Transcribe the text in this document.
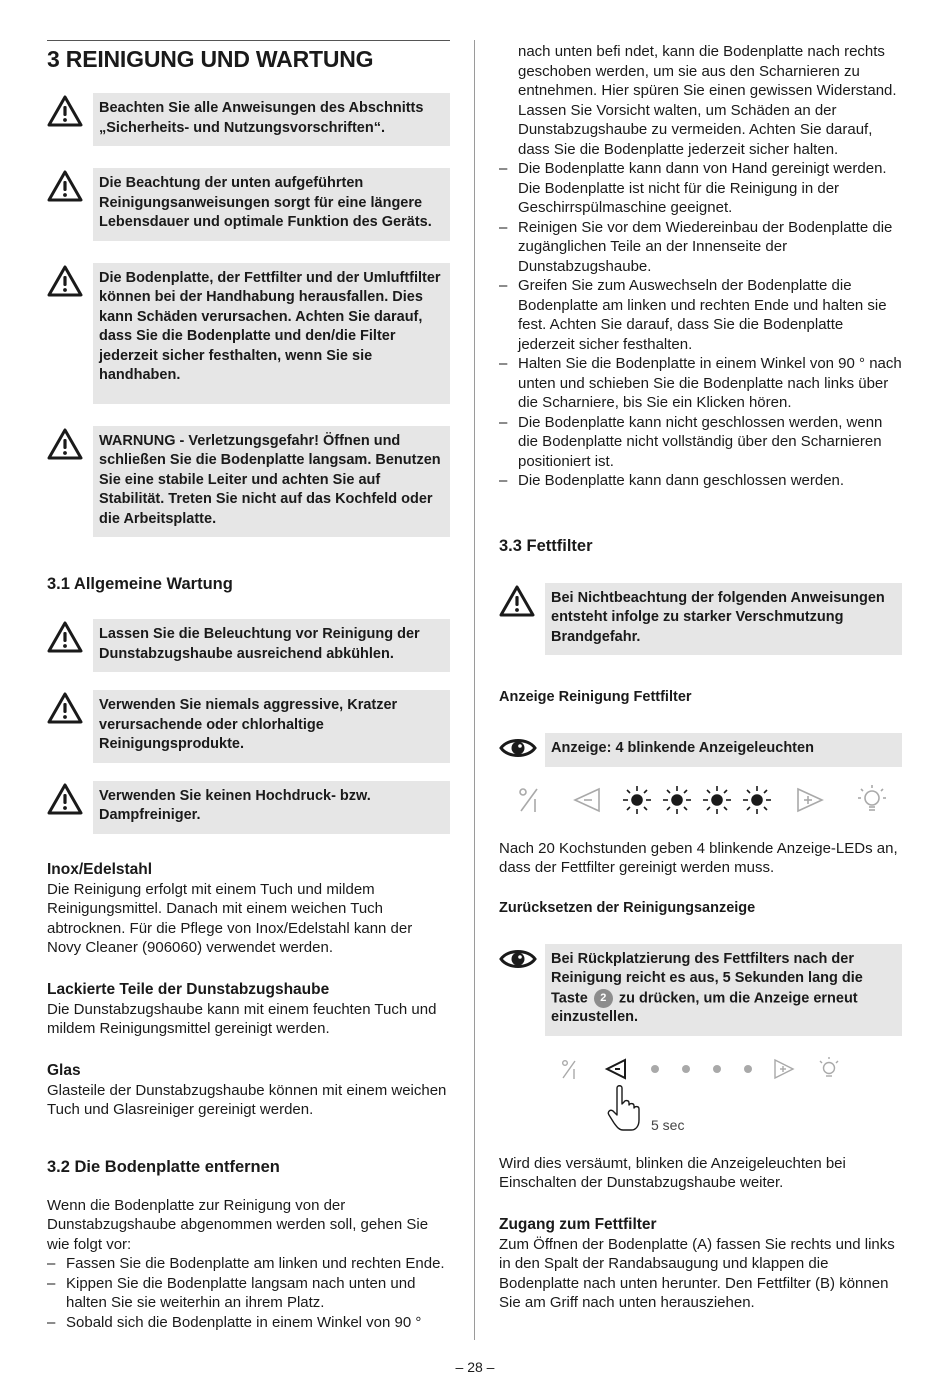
3 REINIGUNG UND WARTUNG
Beachten Sie alle Anweisungen des Abschnitts „Sicherheits- und Nutzungsvorschriften“.
Die Beachtung der unten aufgeführten Reinigungsanweisungen sorgt für eine längere Lebensdauer und optimale Funktion des Geräts.
Die Bodenplatte, der Fettfilter und der Umluftfilter können bei der Handhabung herausfallen. Dies kann Schäden verursachen. Achten Sie darauf, dass Sie die Bodenplatte und den/die Filter jederzeit sicher festhalten, wenn Sie sie handhaben.
WARNUNG - Verletzungsgefahr! Öffnen und schließen Sie die Bodenplatte langsam. Benutzen Sie eine stabile Leiter und achten Sie auf Stabilität. Treten Sie nicht auf das Kochfeld oder die Arbeitsplatte.
3.1 Allgemeine Wartung
Lassen Sie die Beleuchtung vor Reinigung der Dunstabzugshaube ausreichend abkühlen.
Verwenden Sie niemals aggressive, Kratzer verursachende oder chlorhaltige Reinigungsprodukte.
Verwenden Sie keinen Hochdruck- bzw. Dampfreiniger.
Inox/Edelstahl

Die Reinigung erfolgt mit einem Tuch und mildem Reinigungsmittel. Danach mit einem weichen Tuch abtrocknen. Für die Pflege von Inox/Edelstahl kann der Novy Cleaner (906060) verwendet werden.

Lackierte Teile der Dunstabzugshaube

Die Dunstabzugshaube kann mit einem feuchten Tuch und mildem Reinigungsmittel gereinigt werden.

Glas

Glasteile der Dunstabzugshaube können mit einem weichen Tuch und Glasreiniger gereinigt werden.

3.2 Die Bodenplatte entfernen

Wenn die Bodenplatte zur Reinigung von der Dunstabzugshaube abgenommen werden soll, gehen Sie wie folgt vor:

– Fassen Sie die Bodenplatte am linken und rechten Ende.
– Kippen Sie die Bodenplatte langsam nach unten und halten Sie sie weiterhin an ihrem Platz.
– Sobald sich die Bodenplatte in einem Winkel von 90 °

nach unten befi ndet, kann die Bodenplatte nach rechts geschoben werden, um sie aus den Scharnieren zu entnehmen. Hier spüren Sie einen gewissen Widerstand. Lassen Sie Vorsicht walten, um Schäden an der Dunstabzugshaube zu vermeiden. Achten Sie darauf, dass Sie die Bodenplatte jederzeit sicher halten.

– Die Bodenplatte kann dann von Hand gereinigt werden. Die Bodenplatte ist nicht für die Reinigung in der Geschirrspülmaschine geeignet.
– Reinigen Sie vor dem Wiedereinbau der Bodenplatte die zugänglichen Teile an der Innenseite der Dunstabzugshaube.
– Greifen Sie zum Auswechseln der Bodenplatte die Bodenplatte am linken und rechten Ende und halten sie fest. Achten Sie darauf, dass Sie die Bodenplatte jederzeit sicher festhalten.
– Halten Sie die Bodenplatte in einem Winkel von 90 ° nach unten und schieben Sie die Bodenplatte nach links über die Scharniere, bis Sie ein Klicken hören.
– Die Bodenplatte kann nicht geschlossen werden, wenn die Bodenplatte nicht vollständig über den Scharnieren positioniert ist.
– Die Bodenplatte kann dann geschlossen werden.
3.3 Fettfilter
Bei Nichtbeachtung der folgenden Anweisungen entsteht infolge zu starker Verschmutzung Brandgefahr.
Anzeige Reinigung Fettfilter
Anzeige: 4 blinkende Anzeigeleuchten

Nach 20 Kochstunden geben 4 blinkende Anzeige-LEDs an, dass der Fettfilter gereinigt werden muss.

Zurücksetzen der Reinigungsanzeige
Bei Rückplatzierung des Fettfilters nach der Reinigung reicht es aus, 5 Sekunden lang die Taste 2 zu drücken, um die Anzeige erneut einzustellen.
5 sec

Wird dies versäumt, blinken die Anzeigeleuchten bei Einschalten der Dunstabzugshaube weiter.

Zugang zum Fettfilter

Zum Öffnen der Bodenplatte (A) fassen Sie rechts und links in den Spalt der Randabsaugung und klappen die Bodenplatte nach unten herunter. Den Fettfilter (B) können Sie am Griff nach unten herausziehen.

– 28 –
